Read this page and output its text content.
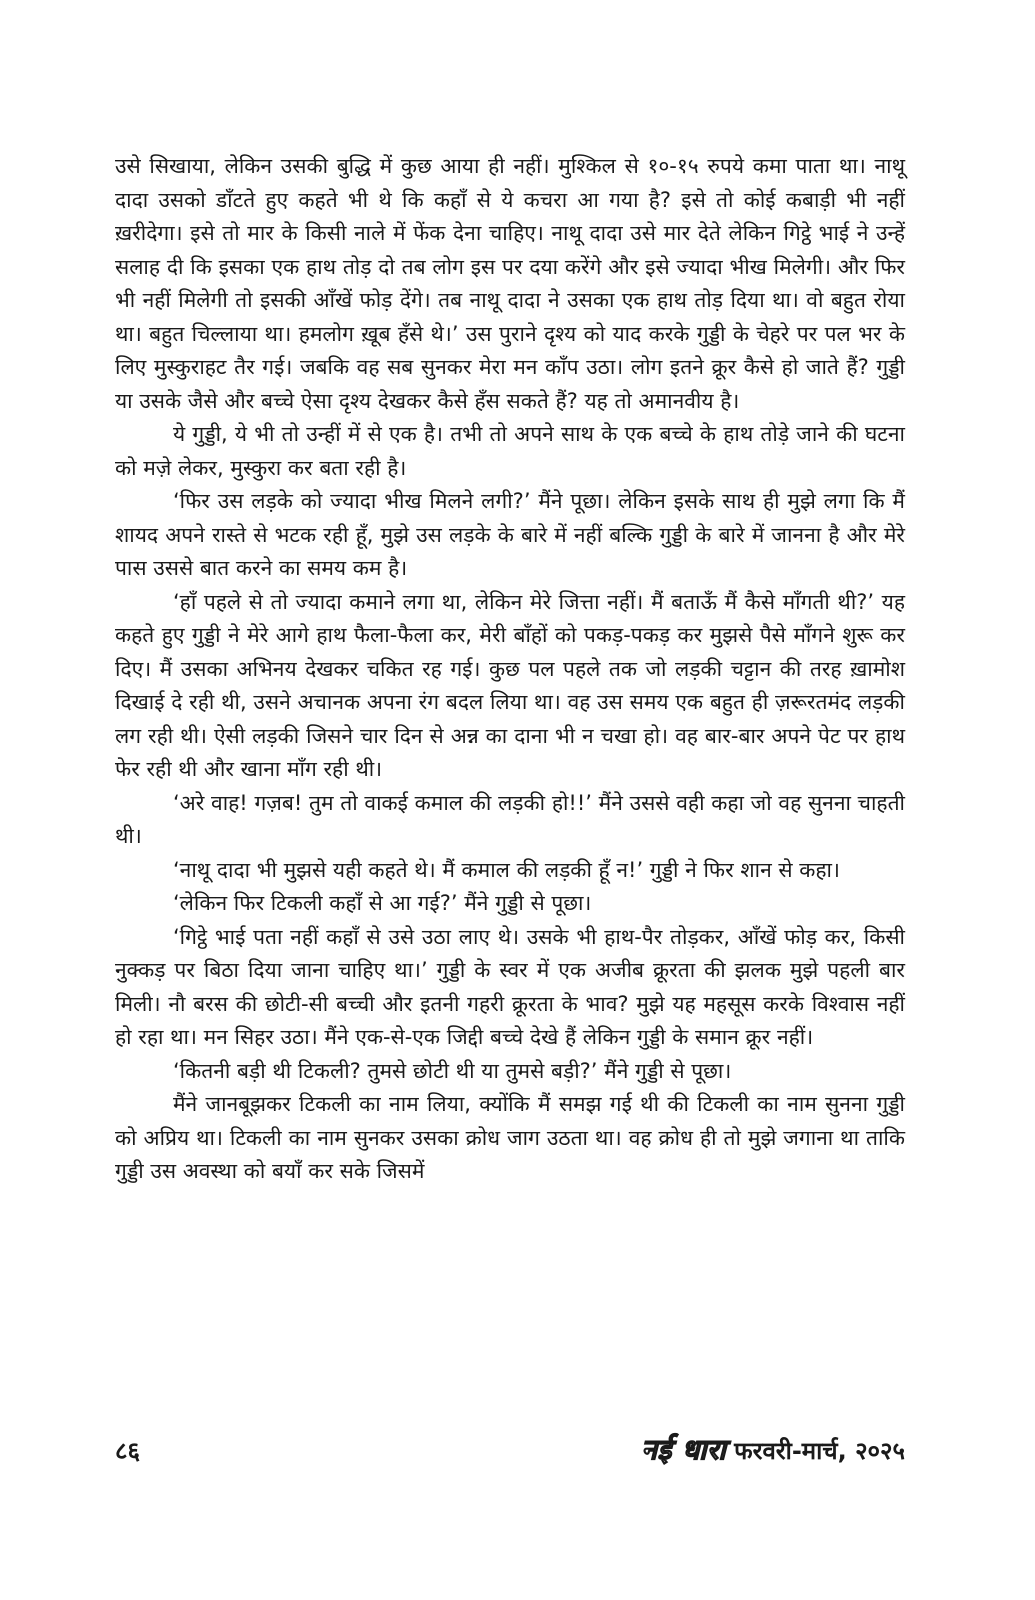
उसे सिखाया, लेकिन उसकी बुद्धि में कुछ आया ही नहीं। मुश्किल से १०-१५ रुपये कमा पाता था। नाथू दादा उसको डाँटते हुए कहते भी थे कि कहाँ से ये कचरा आ गया है? इसे तो कोई कबाड़ी भी नहीं ख़रीदेगा। इसे तो मार के किसी नाले में फेंक देना चाहिए। नाथू दादा उसे मार देते लेकिन गिट्ठे भाई ने उन्हें सलाह दी कि इसका एक हाथ तोड़ दो तब लोग इस पर दया करेंगे और इसे ज्यादा भीख मिलेगी। और फिर भी नहीं मिलेगी तो इसकी आँखें फोड़ देंगे। तब नाथू दादा ने उसका एक हाथ तोड़ दिया था। वो बहुत रोया था। बहुत चिल्लाया था। हमलोग ख़ूब हँसे थे।’ उस पुराने दृश्य को याद करके गुड्डी के चेहरे पर पल भर के लिए मुस्कुराहट तैर गई। जबकि वह सब सुनकर मेरा मन काँप उठा। लोग इतने क्रूर कैसे हो जाते हैं? गुड्डी या उसके जैसे और बच्चे ऐसा दृश्य देखकर कैसे हँस सकते हैं? यह तो अमानवीय है।

ये गुड्डी, ये भी तो उन्हीं में से एक है। तभी तो अपने साथ के एक बच्चे के हाथ तोड़े जाने की घटना को मज़े लेकर, मुस्कुरा कर बता रही है।

‘फिर उस लड़के को ज्यादा भीख मिलने लगी?’ मैंने पूछा। लेकिन इसके साथ ही मुझे लगा कि मैं शायद अपने रास्ते से भटक रही हूँ, मुझे उस लड़के के बारे में नहीं बल्कि गुड्डी के बारे में जानना है और मेरे पास उससे बात करने का समय कम है।

‘हाँ पहले से तो ज्यादा कमाने लगा था, लेकिन मेरे जित्ता नहीं। मैं बताऊँ मैं कैसे माँगती थी?’ यह कहते हुए गुड्डी ने मेरे आगे हाथ फैला-फैला कर, मेरी बाँहों को पकड़-पकड़ कर मुझसे पैसे माँगने शुरू कर दिए। मैं उसका अभिनय देखकर चकित रह गई। कुछ पल पहले तक जो लड़की चट्टान की तरह ख़ामोश दिखाई दे रही थी, उसने अचानक अपना रंग बदल लिया था। वह उस समय एक बहुत ही ज़रूरतमंद लड़की लग रही थी। ऐसी लड़की जिसने चार दिन से अन्न का दाना भी न चखा हो। वह बार-बार अपने पेट पर हाथ फेर रही थी और खाना माँग रही थी।

‘अरे वाह! गज़ब! तुम तो वाकई कमाल की लड़की हो!!’ मैंने उससे वही कहा जो वह सुनना चाहती थी।

‘नाथू दादा भी मुझसे यही कहते थे। मैं कमाल की लड़की हूँ न!’ गुड्डी ने फिर शान से कहा।

‘लेकिन फिर टिकली कहाँ से आ गई?’ मैंने गुड्डी से पूछा।

‘गिट्ठे भाई पता नहीं कहाँ से उसे उठा लाए थे। उसके भी हाथ-पैर तोड़कर, आँखें फोड़ कर, किसी नुक्कड़ पर बिठा दिया जाना चाहिए था।’ गुड्डी के स्वर में एक अजीब क्रूरता की झलक मुझे पहली बार मिली। नौ बरस की छोटी-सी बच्ची और इतनी गहरी क्रूरता के भाव? मुझे यह महसूस करके विश्वास नहीं हो रहा था। मन सिहर उठा। मैंने एक-से-एक जिद्दी बच्चे देखे हैं लेकिन गुड्डी के समान क्रूर नहीं।

‘कितनी बड़ी थी टिकली? तुमसे छोटी थी या तुमसे बड़ी?’ मैंने गुड्डी से पूछा।

मैंने जानबूझकर टिकली का नाम लिया, क्योंकि मैं समझ गई थी की टिकली का नाम सुनना गुड्डी को अप्रिय था। टिकली का नाम सुनकर उसका क्रोध जाग उठता था। वह क्रोध ही तो मुझे जगाना था ताकि गुड्डी उस अवस्था को बयाँ कर सके जिसमें

८६	नई धारा फरवरी-मार्च, २०२५
